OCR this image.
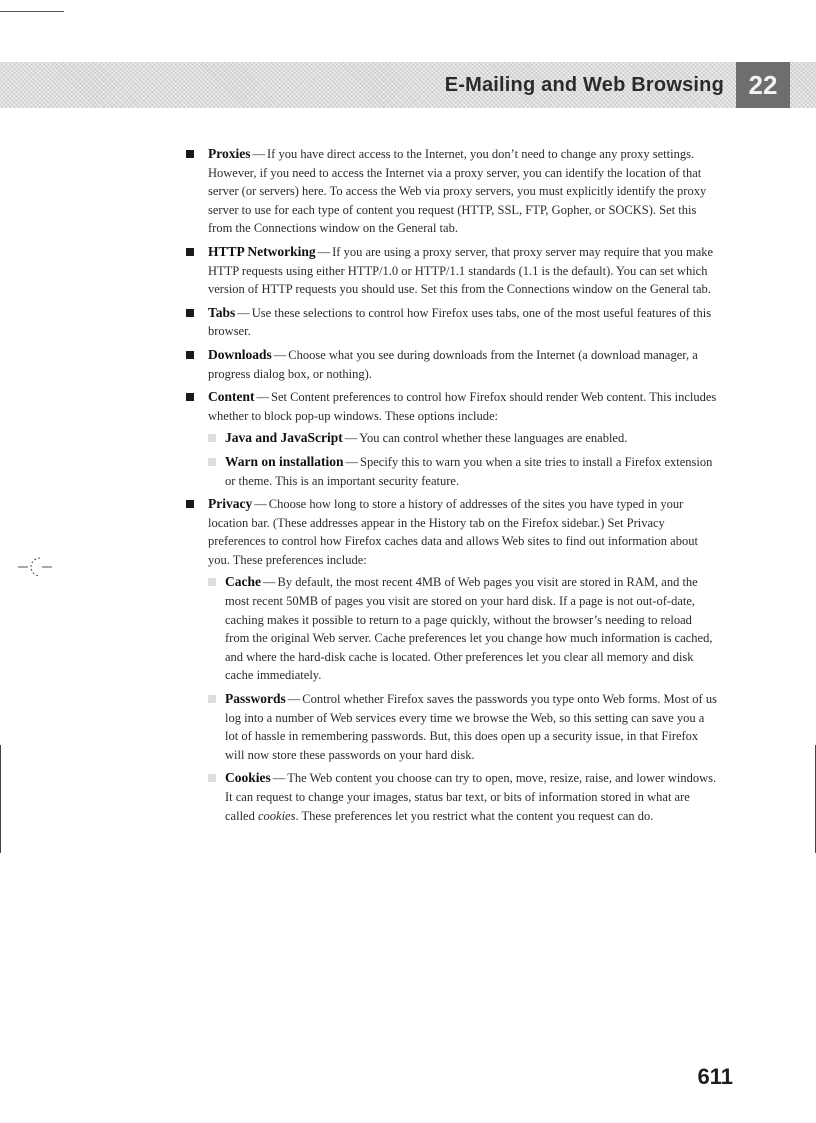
E-Mailing and Web Browsing 22
Proxies — If you have direct access to the Internet, you don’t need to change any proxy settings. However, if you need to access the Internet via a proxy server, you can identify the location of that server (or servers) here. To access the Web via proxy servers, you must explicitly identify the proxy server to use for each type of content you request (HTTP, SSL, FTP, Gopher, or SOCKS). Set this from the Connections window on the General tab.
HTTP Networking — If you are using a proxy server, that proxy server may require that you make HTTP requests using either HTTP/1.0 or HTTP/1.1 standards (1.1 is the default). You can set which version of HTTP requests you should use. Set this from the Connections window on the General tab.
Tabs — Use these selections to control how Firefox uses tabs, one of the most useful features of this browser.
Downloads — Choose what you see during downloads from the Internet (a download manager, a progress dialog box, or nothing).
Content — Set Content preferences to control how Firefox should render Web content. This includes whether to block pop-up windows. These options include:
Java and JavaScript — You can control whether these languages are enabled.
Warn on installation — Specify this to warn you when a site tries to install a Firefox extension or theme. This is an important security feature.
Privacy — Choose how long to store a history of addresses of the sites you have typed in your location bar. (These addresses appear in the History tab on the Firefox sidebar.) Set Privacy preferences to control how Firefox caches data and allows Web sites to find out information about you. These preferences include:
Cache — By default, the most recent 4MB of Web pages you visit are stored in RAM, and the most recent 50MB of pages you visit are stored on your hard disk. If a page is not out-of-date, caching makes it possible to return to a page quickly, without the browser’s needing to reload from the original Web server. Cache preferences let you change how much information is cached, and where the hard-disk cache is located. Other preferences let you clear all memory and disk cache immediately.
Passwords — Control whether Firefox saves the passwords you type onto Web forms. Most of us log into a number of Web services every time we browse the Web, so this setting can save you a lot of hassle in remembering passwords. But, this does open up a security issue, in that Firefox will now store these passwords on your hard disk.
Cookies — The Web content you choose can try to open, move, resize, raise, and lower windows. It can request to change your images, status bar text, or bits of information stored in what are called cookies. These preferences let you restrict what the content you request can do.
611
